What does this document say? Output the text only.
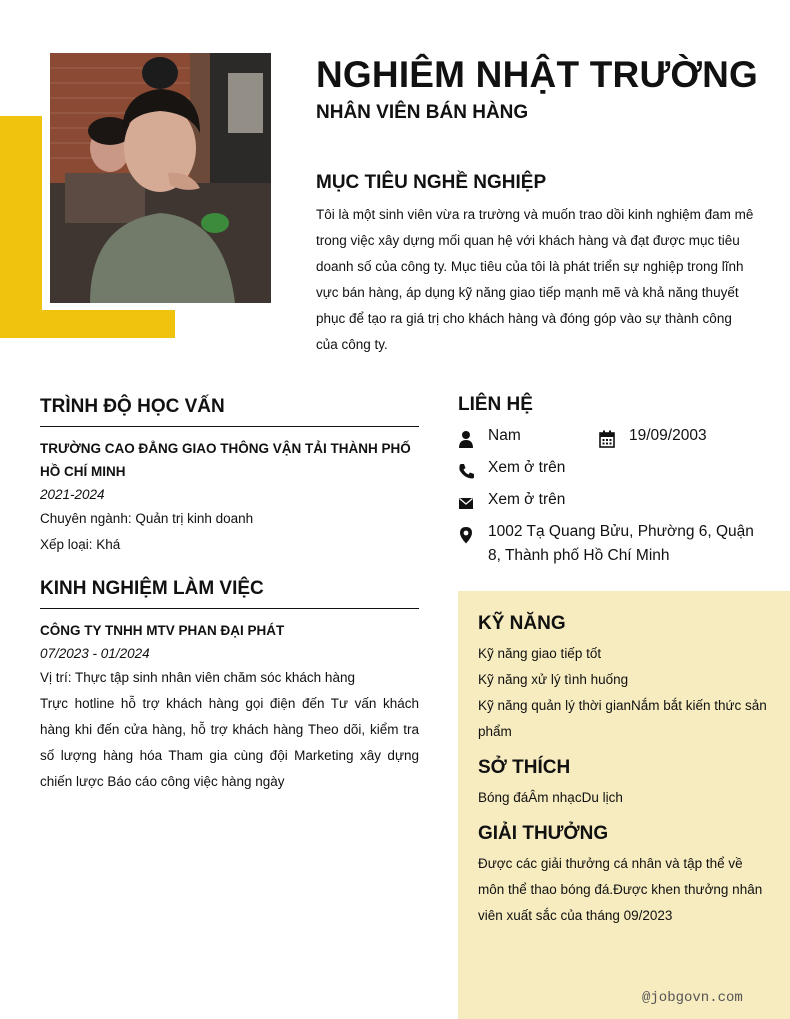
NGHIÊM NHẬT TRƯỜNG
NHÂN VIÊN BÁN HÀNG
MỤC TIÊU NGHỀ NGHIỆP
Tôi là một sinh viên vừa ra trường và muốn trao dồi kinh nghiệm đam mê trong việc xây dựng mối quan hệ với khách hàng và đạt được mục tiêu doanh số của công ty. Mục tiêu của tôi là phát triển sự nghiệp trong lĩnh vực bán hàng, áp dụng kỹ năng giao tiếp mạnh mẽ và khả năng thuyết phục để tạo ra giá trị cho khách hàng và đóng góp vào sự thành công của công ty.
TRÌNH ĐỘ HỌC VẤN
TRƯỜNG CAO ĐẲNG GIAO THÔNG VẬN TẢI THÀNH PHỐ HỒ CHÍ MINH
2021-2024
Chuyên ngành: Quản trị kinh doanh
Xếp loại: Khá
KINH NGHIỆM LÀM VIỆC
CÔNG TY TNHH MTV PHAN ĐẠI PHÁT
07/2023 - 01/2024
Vị trí: Thực tập sinh nhân viên chăm sóc khách hàng
Trực hotline hỗ trợ khách hàng gọi điện đến Tư vấn khách hàng khi đến cửa hàng, hỗ trợ khách hàng Theo dõi, kiểm tra số lượng hàng hóa Tham gia cùng đội Marketing xây dựng chiến lược Báo cáo công việc hàng ngày
LIÊN HỆ
Nam	19/09/2003
Xem ở trên
Xem ở trên
1002 Tạ Quang Bửu, Phường 6, Quận 8, Thành phố Hồ Chí Minh
KỸ NĂNG
Kỹ năng giao tiếp tốt
Kỹ năng xử lý tình huống
Kỹ năng quản lý thời gianNắm bắt kiến thức sản phẩm
SỞ THÍCH
Bóng đáÂm nhạcDu lịch
GIẢI THƯỞNG
Được các giải thưởng cá nhân và tập thể về môn thể thao bóng đá.Được khen thưởng nhân viên xuất sắc của tháng 09/2023
@jobgovn.com
